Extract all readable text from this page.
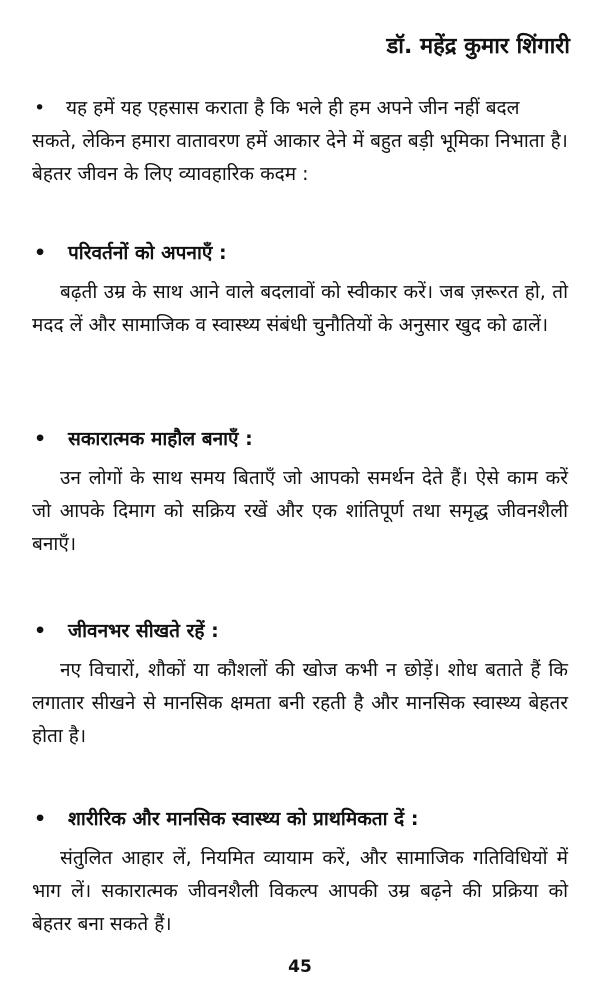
डॉ. महेंद्र कुमार शिंगारी
• यह हमें यह एहसास कराता है कि भले ही हम अपने जीन नहीं बदल सकते, लेकिन हमारा वातावरण हमें आकार देने में बहुत बड़ी भूमिका निभाता है। बेहतर जीवन के लिए व्यावहारिक कदम :
• परिवर्तनों को अपनाएँ :
बढ़ती उम्र के साथ आने वाले बदलावों को स्वीकार करें। जब ज़रूरत हो, तो मदद लें और सामाजिक व स्वास्थ्य संबंधी चुनौतियों के अनुसार खुद को ढालें।
• सकारात्मक माहौल बनाएँ :
उन लोगों के साथ समय बिताएँ जो आपको समर्थन देते हैं। ऐसे काम करें जो आपके दिमाग को सक्रिय रखें और एक शांतिपूर्ण तथा समृद्ध जीवनशैली बनाएँ।
• जीवनभर सीखते रहें :
नए विचारों, शौकों या कौशलों की खोज कभी न छोड़ें। शोध बताते हैं कि लगातार सीखने से मानसिक क्षमता बनी रहती है और मानसिक स्वास्थ्य बेहतर होता है।
• शारीरिक और मानसिक स्वास्थ्य को प्राथमिकता दें :
संतुलित आहार लें, नियमित व्यायाम करें, और सामाजिक गतिविधियों में भाग लें। सकारात्मक जीवनशैली विकल्प आपकी उम्र बढ़ने की प्रक्रिया को बेहतर बना सकते हैं।
45
